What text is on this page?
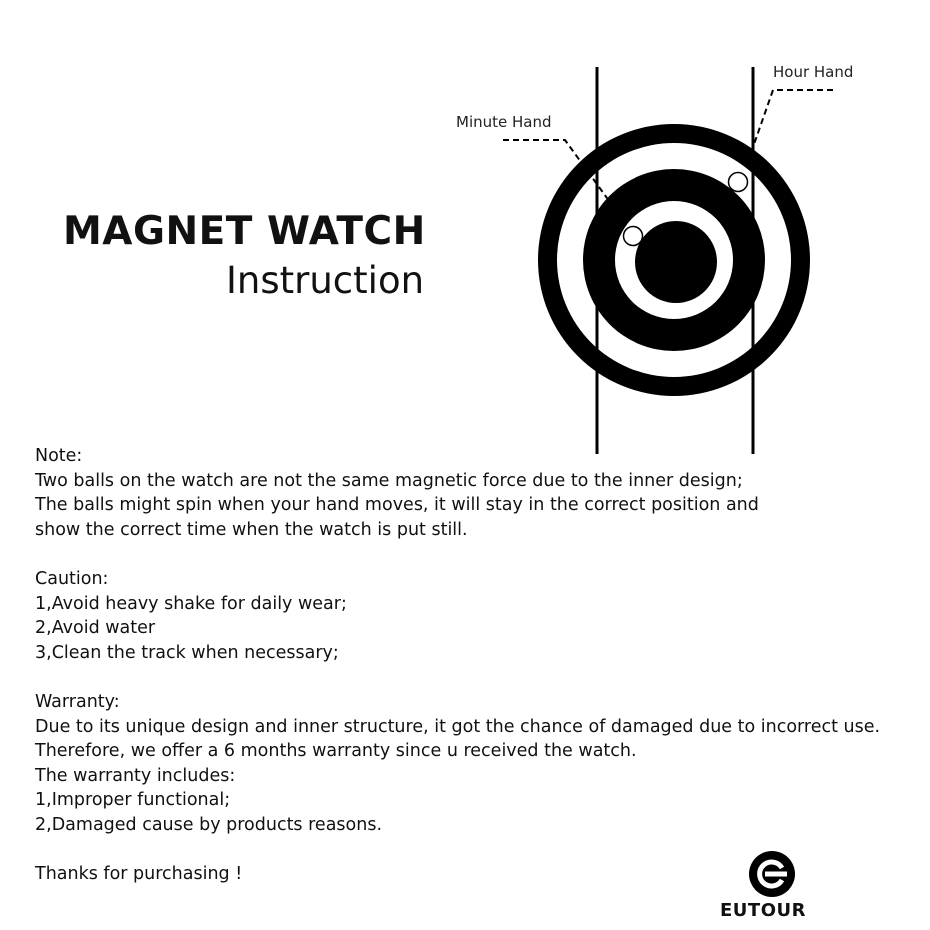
MAGNET WATCH
Instruction
Minute Hand
Hour Hand

Note:

Two balls on the watch are not the same magnetic force due to the inner design;

The balls might spin when your hand moves, it will stay in the correct position and

show the correct time when the watch is put still.

Caution:

1,Avoid heavy shake for daily wear;

2,Avoid water

3,Clean the track when necessary;

Warranty:

Due to its unique design and inner structure, it got the chance of damaged due to incorrect use.

Therefore, we offer a 6 months warranty since u received the watch.

The warranty includes:

1,Improper functional;

2,Damaged cause by products reasons.

Thanks for purchasing !

EUTOUR
